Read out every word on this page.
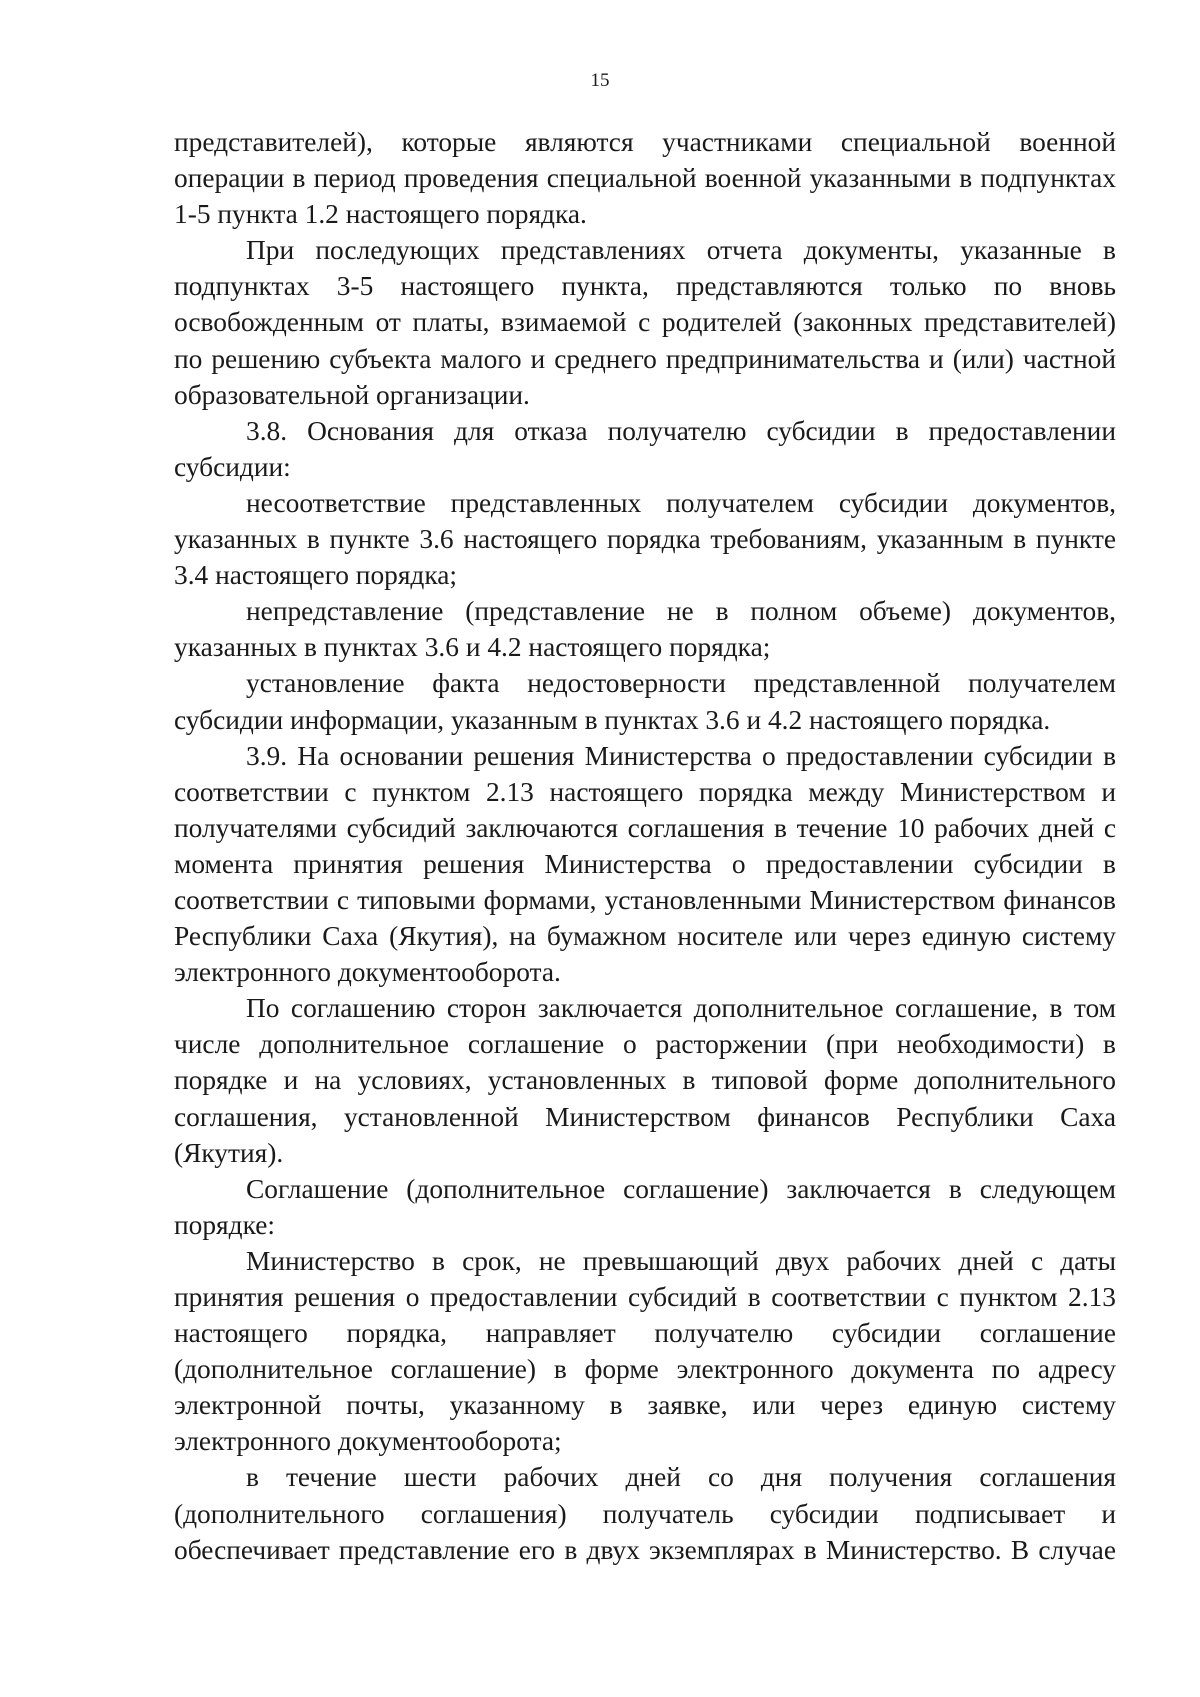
15

представителей), которые являются участниками специальной военной операции в период проведения специальной военной указанными в подпунктах 1-5 пункта 1.2 настоящего порядка.

При последующих представлениях отчета документы, указанные в подпунктах 3-5 настоящего пункта, представляются только по вновь освобожденным от платы, взимаемой с родителей (законных представителей) по решению субъекта малого и среднего предпринимательства и (или) частной образовательной организации.

3.8. Основания для отказа получателю субсидии в предоставлении субсидии:

несоответствие представленных получателем субсидии документов, указанных в пункте 3.6 настоящего порядка требованиям, указанным в пункте 3.4 настоящего порядка;

непредставление (представление не в полном объеме) документов, указанных в пунктах 3.6 и 4.2 настоящего порядка;

установление факта недостоверности представленной получателем субсидии информации, указанным в пунктах 3.6 и 4.2 настоящего порядка.

3.9. На основании решения Министерства о предоставлении субсидии в соответствии с пунктом 2.13 настоящего порядка между Министерством и получателями субсидий заключаются соглашения в течение 10 рабочих дней с момента принятия решения Министерства о предоставлении субсидии в соответствии с типовыми формами, установленными Министерством финансов Республики Саха (Якутия), на бумажном носителе или через единую систему электронного документооборота.

По соглашению сторон заключается дополнительное соглашение, в том числе дополнительное соглашение о расторжении (при необходимости) в порядке и на условиях, установленных в типовой форме дополнительного соглашения, установленной Министерством финансов Республики Саха (Якутия).

Соглашение (дополнительное соглашение) заключается в следующем порядке:

Министерство в срок, не превышающий двух рабочих дней с даты принятия решения о предоставлении субсидий в соответствии с пунктом 2.13 настоящего порядка, направляет получателю субсидии соглашение (дополнительное соглашение) в форме электронного документа по адресу электронной почты, указанному в заявке, или через единую систему электронного документооборота;

в течение шести рабочих дней со дня получения соглашения (дополнительного соглашения) получатель субсидии подписывает и обеспечивает представление его в двух экземплярах в Министерство. В случае
